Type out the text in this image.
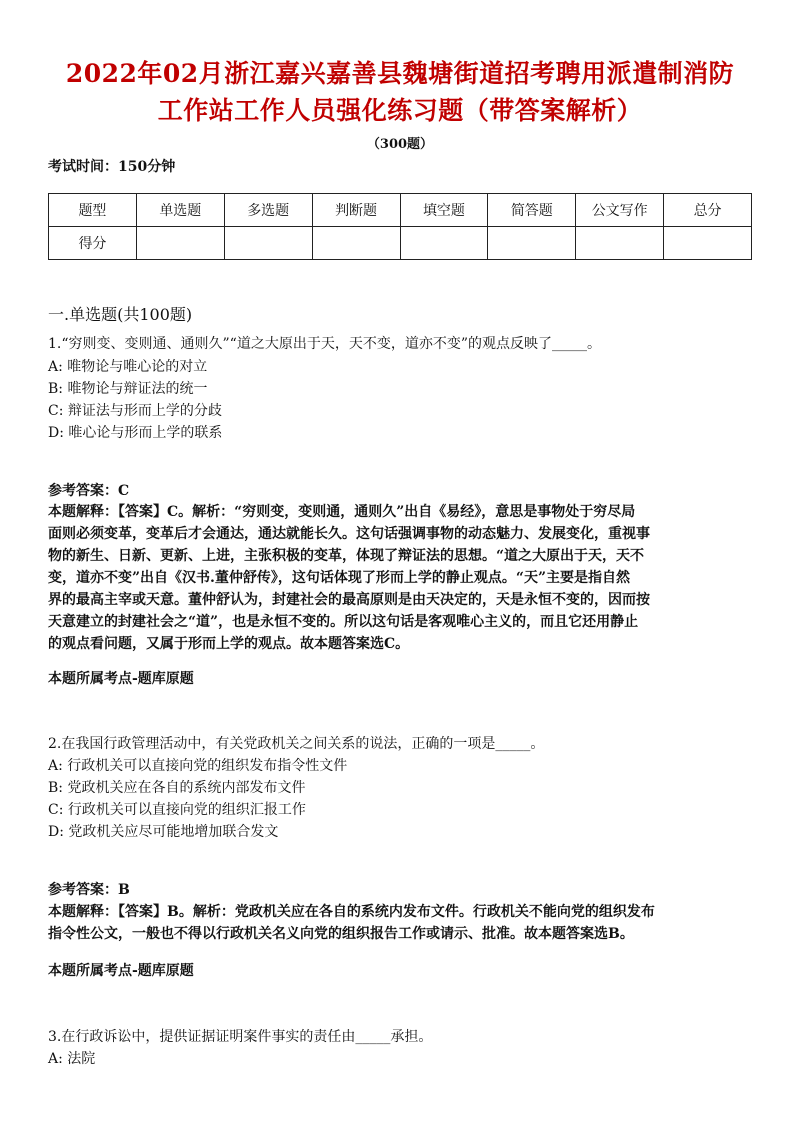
2022年02月浙江嘉兴嘉善县魏塘街道招考聘用派遣制消防
工作站工作人员强化练习题（带答案解析）
（300题）
考试时间：150分钟
题型	单选题	多选题	判断题	填空题	简答题	公文写作	总分
得分							
一.单选题(共100题)
1.“穷则变、变则通、通则久”“道之大原出于天，天不变，道亦不变”的观点反映了_____。
A: 唯物论与唯心论的对立
B: 唯物论与辩证法的统一
C: 辩证法与形而上学的分歧
D: 唯心论与形而上学的联系
参考答案：C
本题解释：【答案】C。解析：“穷则变，变则通，通则久”出自《易经》，意思是事物处于穷尽局
面则必须变革，变革后才会通达，通达就能长久。这句话强调事物的动态魅力、发展变化，重视事
物的新生、日新、更新、上进，主张积极的变革，体现了辩证法的思想。“道之大原出于天，天不
变，道亦不变”出自《汉书.董仲舒传》，这句话体现了形而上学的静止观点。“天”主要是指自然
界的最高主宰或天意。董仲舒认为，封建社会的最高原则是由天决定的，天是永恒不变的，因而按
天意建立的封建社会之“道”，也是永恒不变的。所以这句话是客观唯心主义的，而且它还用静止
的观点看问题，又属于形而上学的观点。故本题答案选C。
本题所属考点-题库原题
2.在我国行政管理活动中，有关党政机关之间关系的说法，正确的一项是_____。
A: 行政机关可以直接向党的组织发布指令性文件
B: 党政机关应在各自的系统内部发布文件
C: 行政机关可以直接向党的组织汇报工作
D: 党政机关应尽可能地增加联合发文
参考答案：B
本题解释：【答案】B。解析：党政机关应在各自的系统内发布文件。行政机关不能向党的组织发布
指令性公文，一般也不得以行政机关名义向党的组织报告工作或请示、批准。故本题答案选B。
本题所属考点-题库原题
3.在行政诉讼中，提供证据证明案件事实的责任由_____承担。
A: 法院
